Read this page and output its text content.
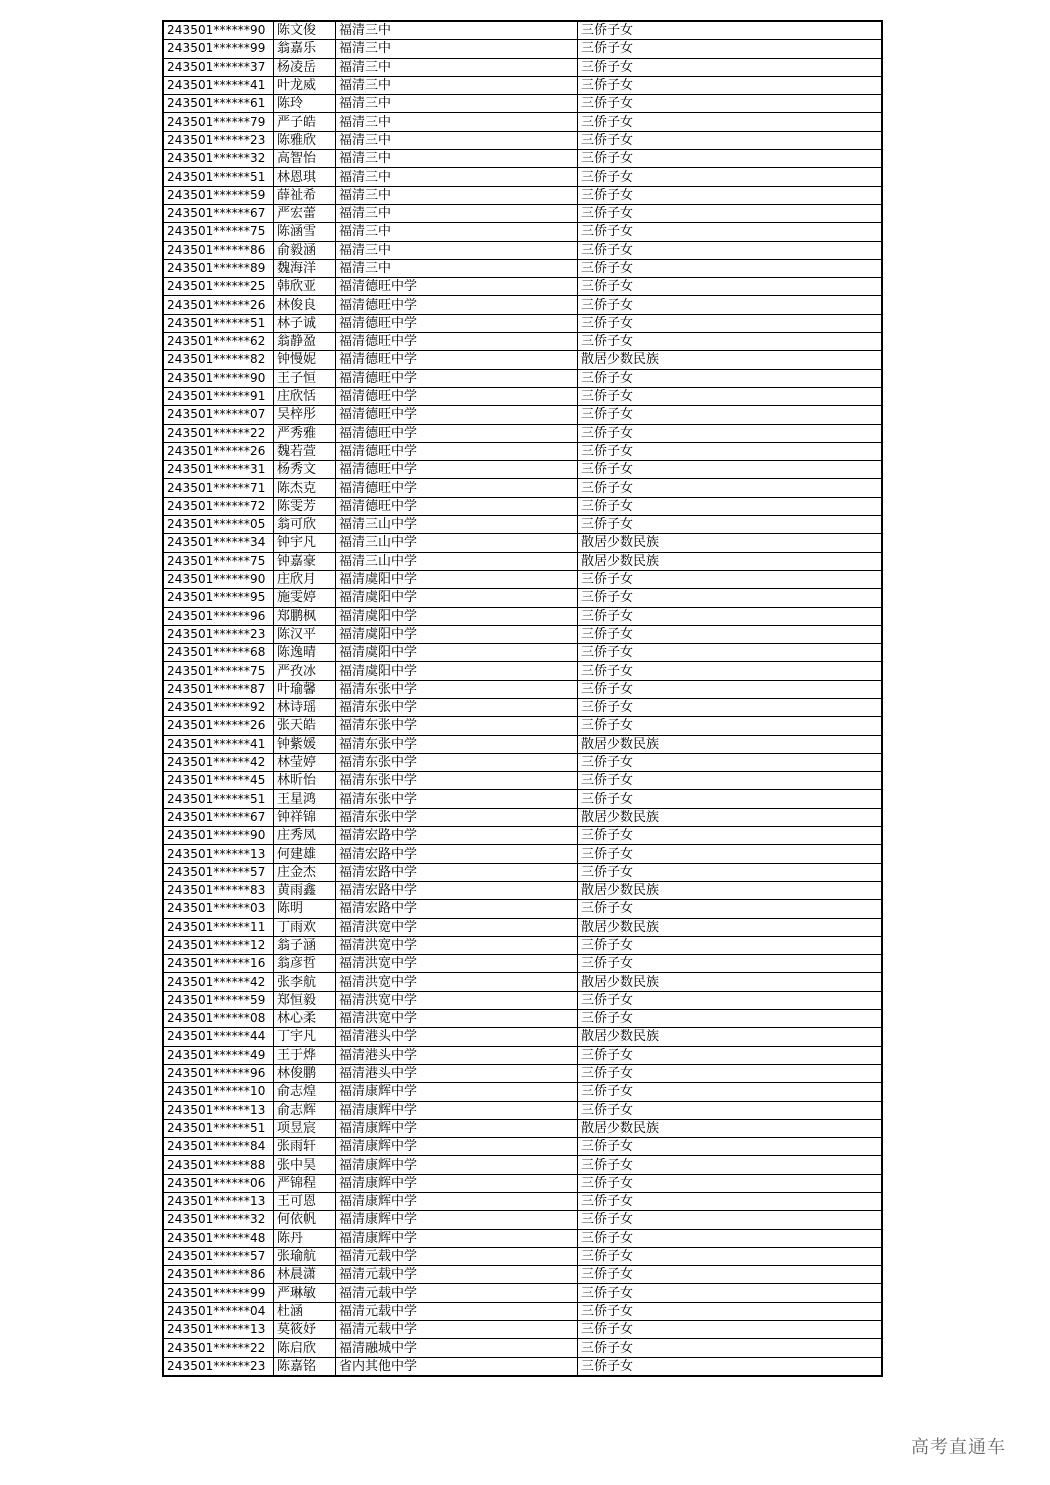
243501******90	陈文俊	福清三中	三侨子女
243501******99	翁嘉乐	福清三中	三侨子女
243501******37	杨凌岳	福清三中	三侨子女
243501******41	叶龙威	福清三中	三侨子女
243501******61	陈玲	福清三中	三侨子女
243501******79	严子皓	福清三中	三侨子女
243501******23	陈雅欣	福清三中	三侨子女
243501******32	高智怡	福清三中	三侨子女
243501******51	林恩琪	福清三中	三侨子女
243501******59	薛祉希	福清三中	三侨子女
243501******67	严宏蕾	福清三中	三侨子女
243501******75	陈涵雪	福清三中	三侨子女
243501******86	俞毅涵	福清三中	三侨子女
243501******89	魏海洋	福清三中	三侨子女
243501******25	韩欣亚	福清德旺中学	三侨子女
243501******26	林俊良	福清德旺中学	三侨子女
243501******51	林子诚	福清德旺中学	三侨子女
243501******62	翁静盈	福清德旺中学	三侨子女
243501******82	钟慢妮	福清德旺中学	散居少数民族
243501******90	王子恒	福清德旺中学	三侨子女
243501******91	庄欣恬	福清德旺中学	三侨子女
243501******07	吴梓彤	福清德旺中学	三侨子女
243501******22	严秀雅	福清德旺中学	三侨子女
243501******26	魏若萱	福清德旺中学	三侨子女
243501******31	杨秀文	福清德旺中学	三侨子女
243501******71	陈杰克	福清德旺中学	三侨子女
243501******72	陈雯芳	福清德旺中学	三侨子女
243501******05	翁可欣	福清三山中学	三侨子女
243501******34	钟宇凡	福清三山中学	散居少数民族
243501******75	钟嘉豪	福清三山中学	散居少数民族
243501******90	庄欣月	福清虞阳中学	三侨子女
243501******95	施雯婷	福清虞阳中学	三侨子女
243501******96	郑鹏枫	福清虞阳中学	三侨子女
243501******23	陈汉平	福清虞阳中学	三侨子女
243501******68	陈逸晴	福清虞阳中学	三侨子女
243501******75	严孜冰	福清虞阳中学	三侨子女
243501******87	叶瑜馨	福清东张中学	三侨子女
243501******92	林诗瑶	福清东张中学	三侨子女
243501******26	张天皓	福清东张中学	三侨子女
243501******41	钟紫媛	福清东张中学	散居少数民族
243501******42	林莹婷	福清东张中学	三侨子女
243501******45	林昕怡	福清东张中学	三侨子女
243501******51	王星鸿	福清东张中学	三侨子女
243501******67	钟祥锦	福清东张中学	散居少数民族
243501******90	庄秀凤	福清宏路中学	三侨子女
243501******13	何建雄	福清宏路中学	三侨子女
243501******57	庄金杰	福清宏路中学	三侨子女
243501******83	黄雨鑫	福清宏路中学	散居少数民族
243501******03	陈明	福清宏路中学	三侨子女
243501******11	丁雨欢	福清洪宽中学	散居少数民族
243501******12	翁子涵	福清洪宽中学	三侨子女
243501******16	翁彦哲	福清洪宽中学	三侨子女
243501******42	张李航	福清洪宽中学	散居少数民族
243501******59	郑恒毅	福清洪宽中学	三侨子女
243501******08	林心柔	福清洪宽中学	三侨子女
243501******44	丁宇凡	福清港头中学	散居少数民族
243501******49	王于烨	福清港头中学	三侨子女
243501******96	林俊鹏	福清港头中学	三侨子女
243501******10	俞志煌	福清康辉中学	三侨子女
243501******13	俞志辉	福清康辉中学	三侨子女
243501******51	项昱宸	福清康辉中学	散居少数民族
243501******84	张雨轩	福清康辉中学	三侨子女
243501******88	张中昊	福清康辉中学	三侨子女
243501******06	严锦程	福清康辉中学	三侨子女
243501******13	王可恩	福清康辉中学	三侨子女
243501******32	何依帆	福清康辉中学	三侨子女
243501******48	陈丹	福清康辉中学	三侨子女
243501******57	张瑜航	福清元载中学	三侨子女
243501******86	林晨潇	福清元载中学	三侨子女
243501******99	严琳敏	福清元载中学	三侨子女
243501******04	杜涵	福清元载中学	三侨子女
243501******13	莫筱妤	福清元载中学	三侨子女
243501******22	陈启欣	福清融城中学	三侨子女
243501******23	陈嘉铭	省内其他中学	三侨子女
高考直通车
